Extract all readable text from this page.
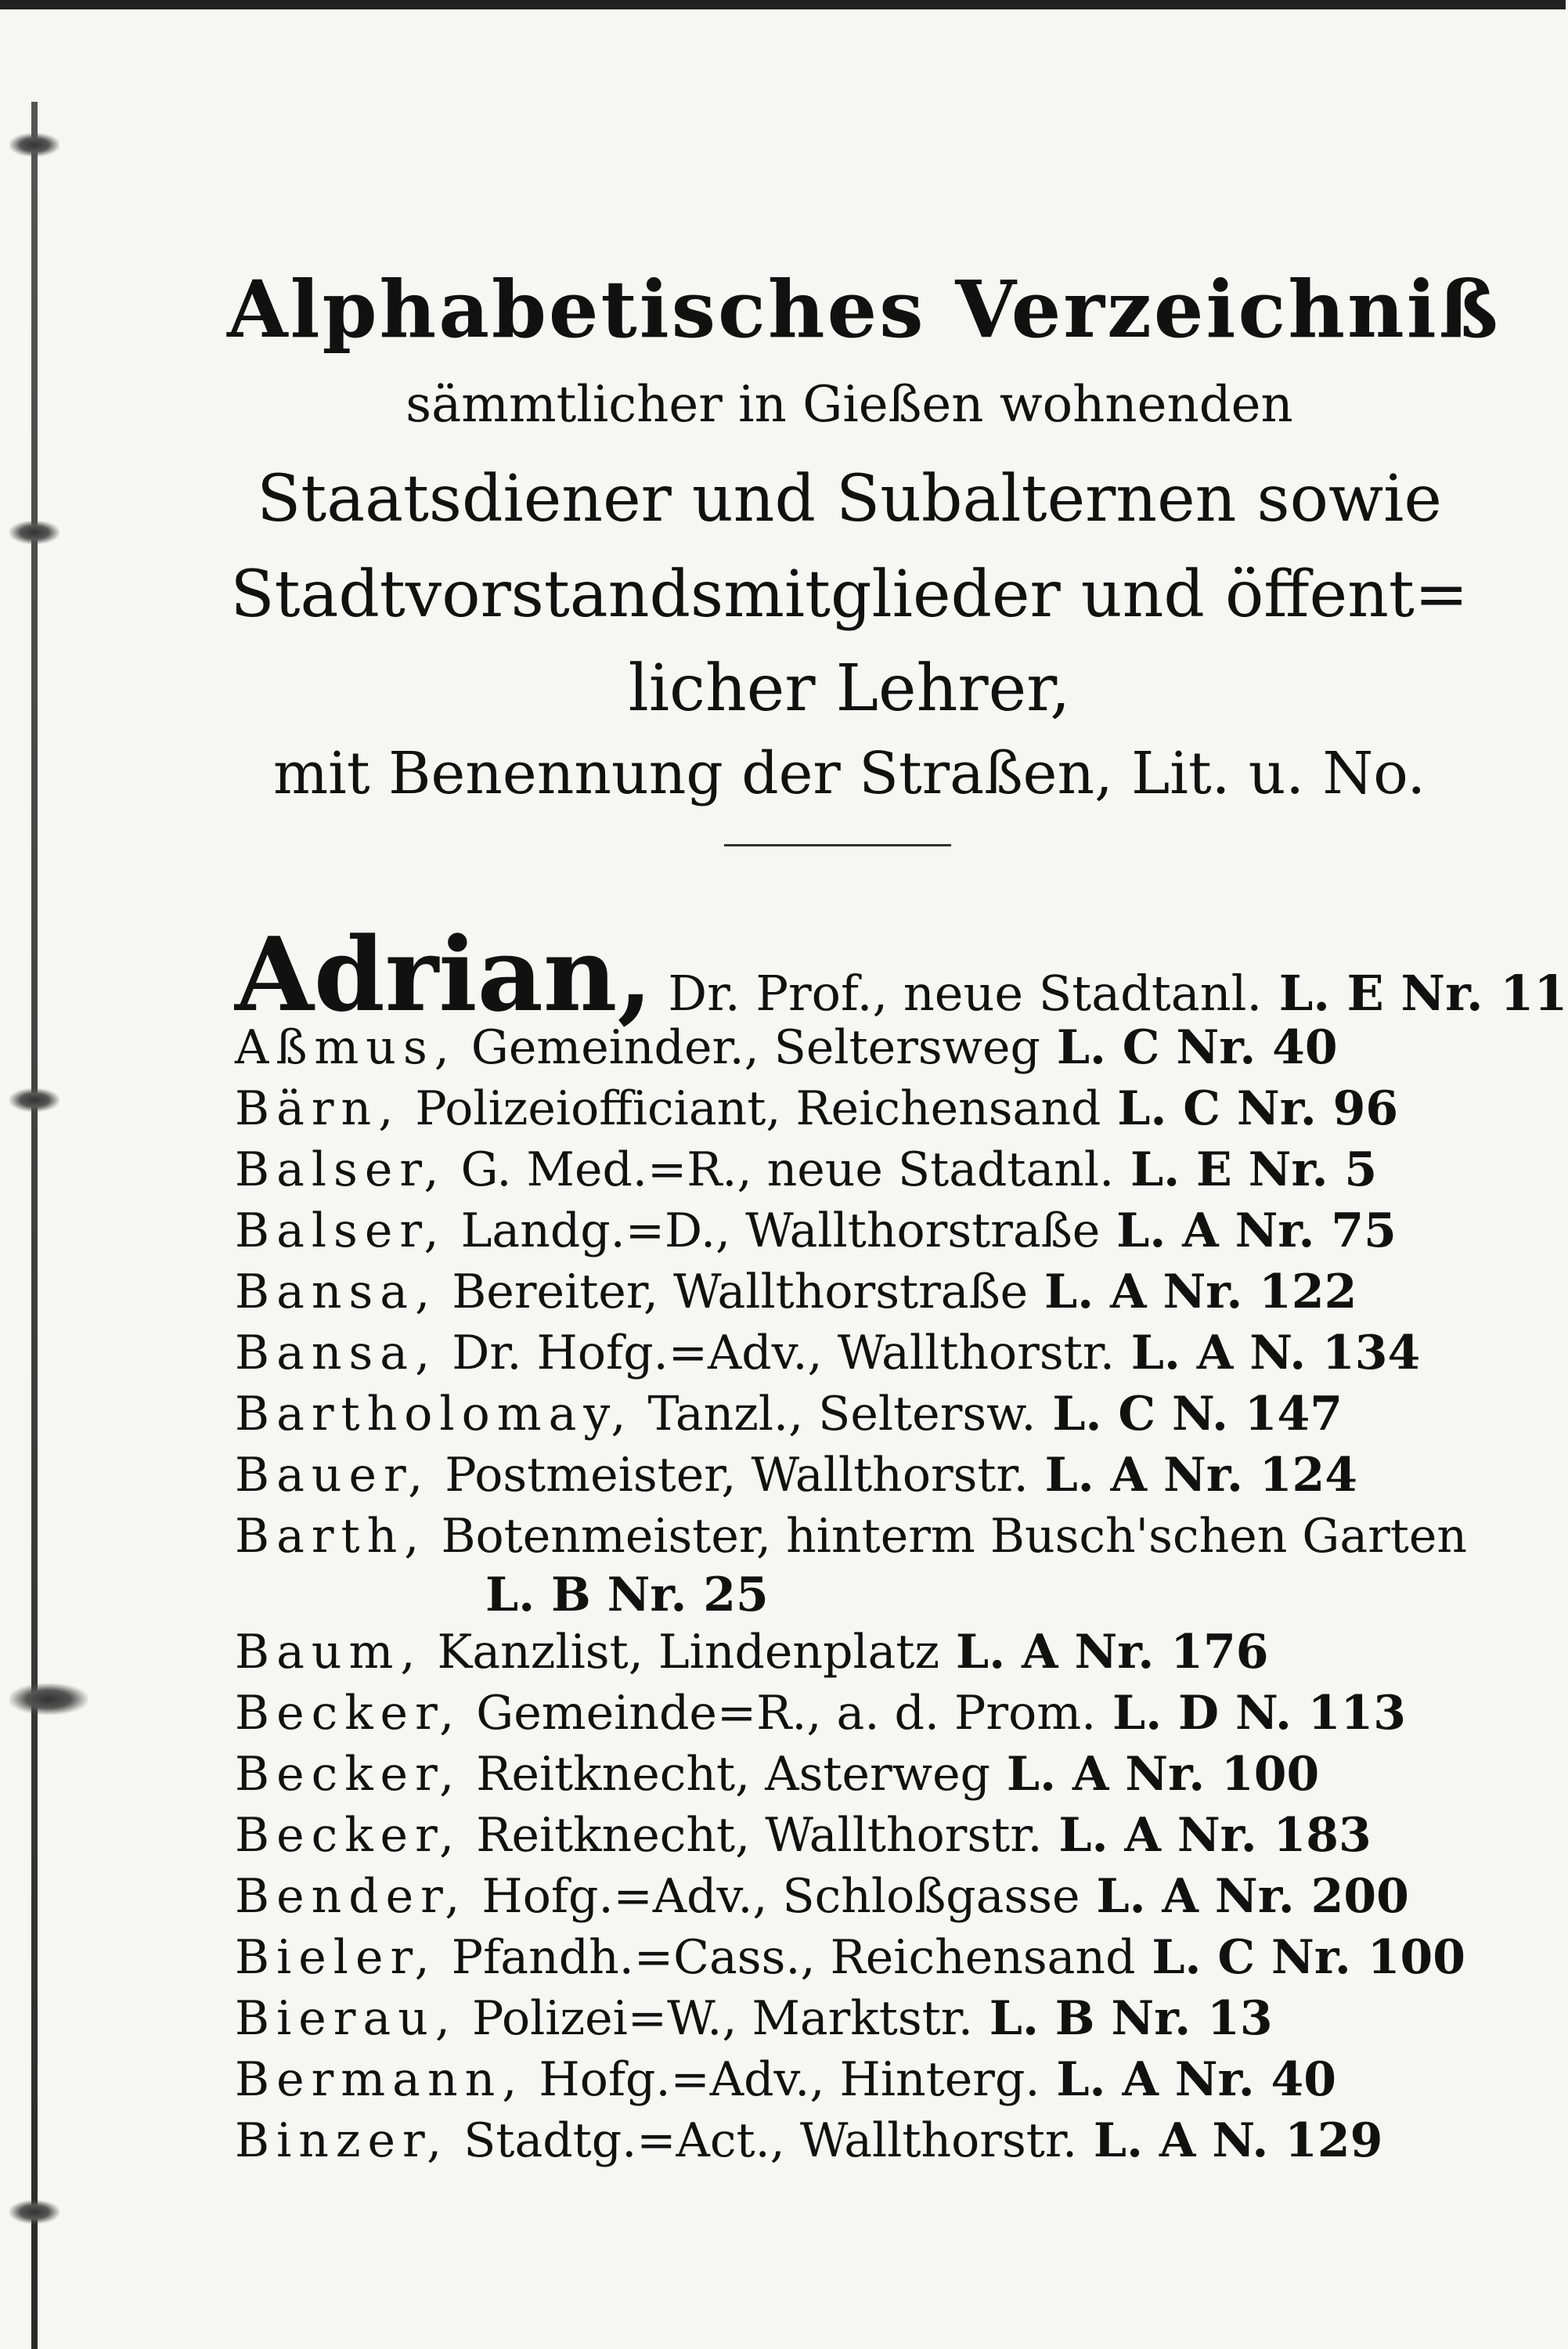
Alphabetisches Verzeichniß
sämmtlicher in Gießen wohnenden
Staatsdiener und Subalternen sowie
Stadtvorstandsmitglieder und öffent=
licher Lehrer,
mit Benennung der Straßen, Lit. u. No.
Adrian, Dr. Prof., neue Stadtanl. L. E Nr. 11
Aßmus, Gemeinder., Seltersweg L. C Nr. 40
Bärn, Polizeiofficiant, Reichensand L. C Nr. 96
Balser, G. Med.=R., neue Stadtanl. L. E Nr. 5
Balser, Landg.=D., Wallthorstraße L. A Nr. 75
Bansa, Bereiter, Wallthorstraße L. A Nr. 122
Bansa, Dr. Hofg.=Adv., Wallthorstr. L. A N. 134
Bartholomay, Tanzl., Seltersw. L. C N. 147
Bauer, Postmeister, Wallthorstr. L. A Nr. 124
Barth, Botenmeister, hinterm Busch'schen Garten
L. B Nr. 25
Baum, Kanzlist, Lindenplatz L. A Nr. 176
Becker, Gemeinde=R., a. d. Prom. L. D N. 113
Becker, Reitknecht, Asterweg L. A Nr. 100
Becker, Reitknecht, Wallthorstr. L. A Nr. 183
Bender, Hofg.=Adv., Schloßgasse L. A Nr. 200
Bieler, Pfandh.=Cass., Reichensand L. C Nr. 100
Bierau, Polizei=W., Marktstr. L. B Nr. 13
Bermann, Hofg.=Adv., Hinterg. L. A Nr. 40
Binzer, Stadtg.=Act., Wallthorstr. L. A N. 129
